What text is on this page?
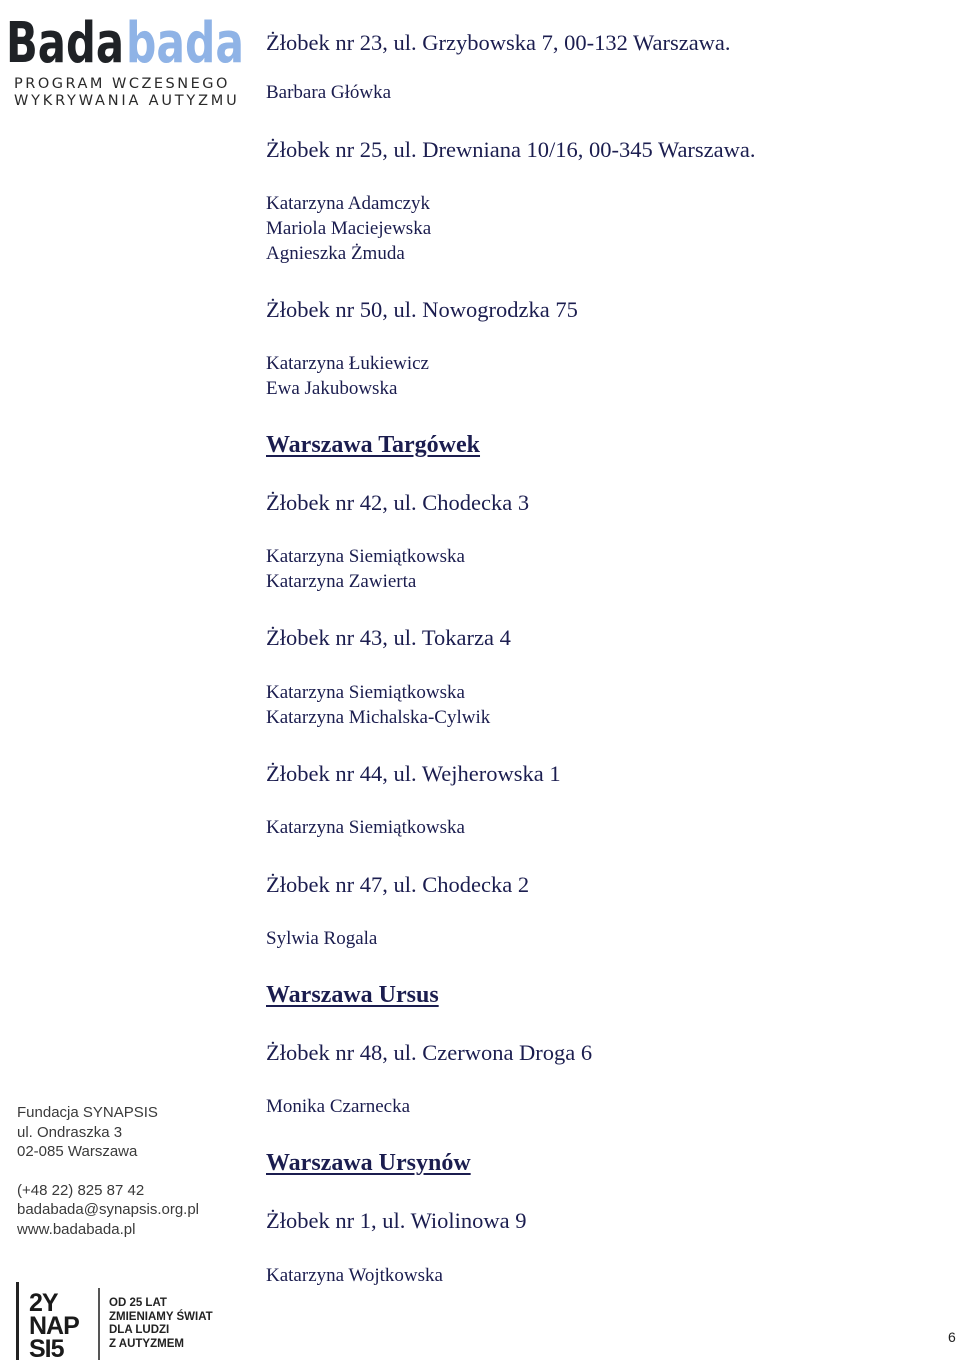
Bada bada
PROGRAM WCZESNEGO
WYKRYWANIA AUTYZMU
Żłobek nr 23, ul. Grzybowska 7, 00-132 Warszawa.
Barbara Główka
Żłobek nr 25, ul. Drewniana 10/16, 00-345 Warszawa.
Katarzyna Adamczyk
Mariola Maciejewska
Agnieszka Żmuda
Żłobek nr 50, ul. Nowogrodzka 75
Katarzyna Łukiewicz
Ewa Jakubowska
Warszawa Targówek
Żłobek nr 42, ul. Chodecka 3
Katarzyna Siemiątkowska
Katarzyna Zawierta
Żłobek nr 43, ul. Tokarza 4
Katarzyna Siemiątkowska
Katarzyna Michalska-Cylwik
Żłobek nr 44, ul. Wejherowska 1
Katarzyna Siemiątkowska
Żłobek nr 47, ul. Chodecka 2
Sylwia Rogala
Warszawa Ursus
Żłobek nr 48, ul. Czerwona Droga 6
Monika Czarnecka
Warszawa Ursynów
Żłobek nr 1, ul. Wiolinowa 9
Katarzyna Wojtkowska
Fundacja SYNAPSIS
ul. Ondraszka 3
02-085 Warszawa
(+48 22) 825 87 42
badabada@synapsis.org.pl
www.badabada.pl
2Y
NAP
SI5
OD 25 LAT
ZMIENIAMY ŚWIAT
DLA LUDZI
Z AUTYZMEM	6
